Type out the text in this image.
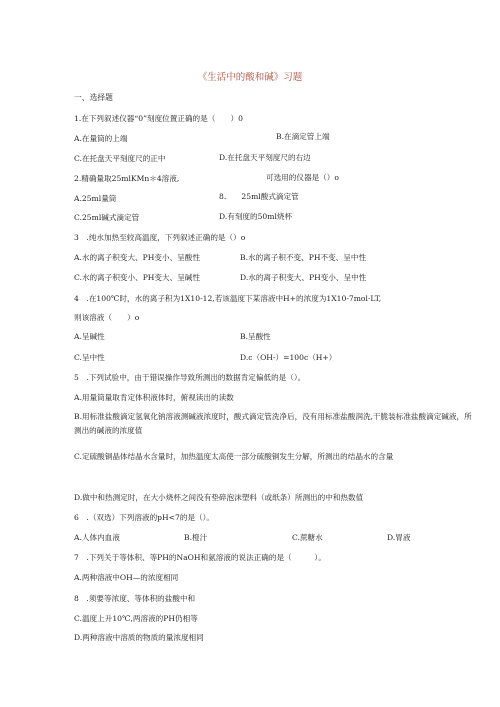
《生活中的酸和碱》习题
一、选择题
1.在下列叙述仪器“0”刻度位置正确的是（　　）0
A.在量筒的上端	B.在滴定管上端
C.在托盘天平刻度尺的正中	D.在托盘天平刻度尺的右边
2.精确量取25mlKMn＊4溶液,	可选用的仪器是（）o
A.25ml量筒	8.　　25ml酸式滴定管
C.25ml碱式滴定管	D.有刻度的50ml烧杯
3　.纯水加热至较高温度，下列叙述正确的是（）o
A.水的离子积变大、PH变小、呈酸性	B.水的离子积不变、PH不变、呈中性
C.水的离子积变小、PH变大、呈碱性	D.水的离子积变大、PH变小、呈中性
4　.在100℃时，水的离子积为1X10-12,若该温度下某溶液中H+的浓度为1X10-7mol·LT,
则该溶液（　　）o
A.呈碱性	B.呈酸性
C.呈中性	D.c（OH-）=100c（H+）
5　.下列试验中，由于错误操作导致所测出的数据肯定偏低的是（）。
A.用量筒量取肯定体积液体时，俯视读出的读数
B.用标准盐酸滴定氢氧化钠溶液测碱液浓度时，酸式滴定管洗净后，没有用标准盐酸润洗,干脆装标准盐酸滴定碱液，所测出的碱液的浓度值
C.定硫酸铜晶体结晶水含量时，加热温度太高使一部分硫酸铜发生分解，所测出的结晶水的含量
D.做中和热测定时，在大小烧杯之间没有垫碎泡沫塑料（或纸条）所测出的中和热数值
6　.（双选）下列溶液的pH<7的是（）。
A.人体内血液	B.橙汁	C.蔗糖水	D.胃液
7　.下列关于等体积、等PH的NaOH和氨溶液的说法正确的是（　　　）。
A.两种溶液中OH—的浓度相同
8　.须要等浓度、等体积的盐酸中和
C.温度上升10℃,两溶液的PH仍相等
D.两种溶液中溶质的物质的量浓度相同
